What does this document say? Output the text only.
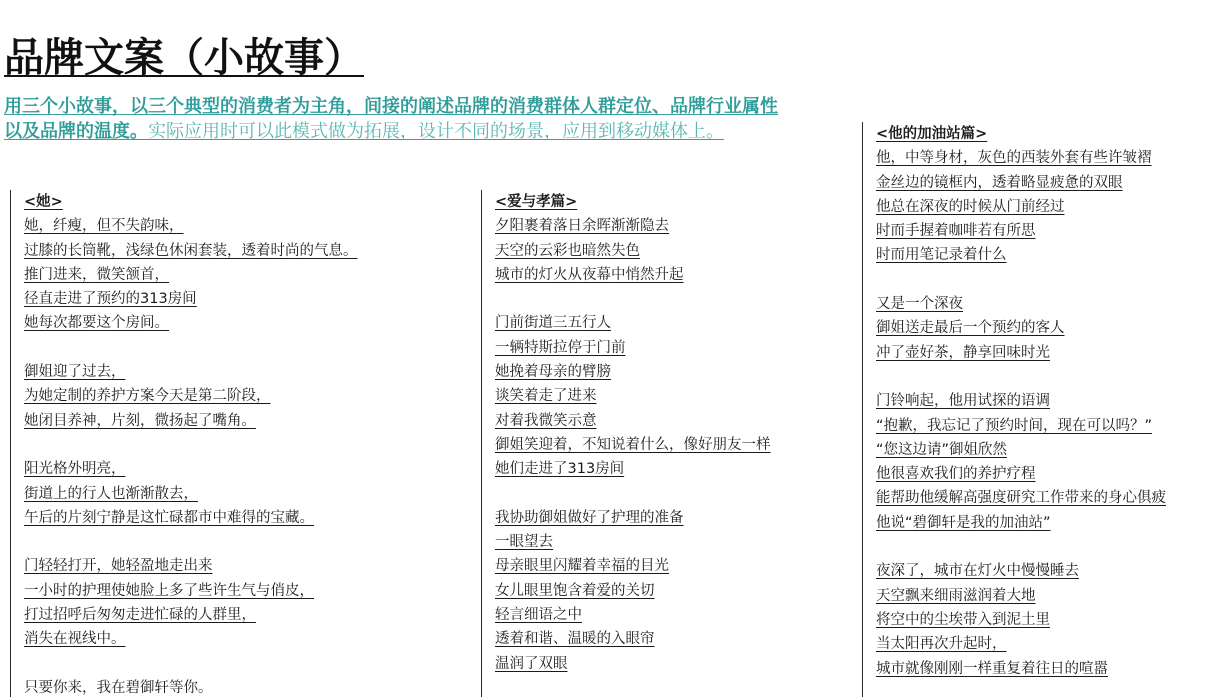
品牌文案（小故事）
用三个小故事，以三个典型的消费者为主角，间接的阐述品牌的消费群体人群定位、品牌行业属性以及品牌的温度。实际应用时可以此模式做为拓展，设计不同的场景，应用到移动媒体上。
<她>
她，纤瘦，但不失韵味，
过膝的长筒靴，浅绿色休闲套装，透着时尚的气息。
推门进来，微笑颔首，
径直走进了预约的313房间
她每次都要这个房间。
御姐迎了过去，
为她定制的养护方案今天是第二阶段，
她闭目养神，片刻，微扬起了嘴角。
阳光格外明亮，
街道上的行人也渐渐散去，
午后的片刻宁静是这忙碌都市中难得的宝藏。
门轻轻打开，她轻盈地走出来
一小时的护理使她脸上多了些许生气与俏皮，
打过招呼后匆匆走进忙碌的人群里，
消失在视线中。
只要你来，我在碧御轩等你。
<爱与孝篇>
夕阳裹着落日余晖渐渐隐去
天空的云彩也暗然失色
城市的灯火从夜幕中悄然升起
门前街道三五行人
一辆特斯拉停于门前
她挽着母亲的臂膀
谈笑着走了进来
对着我微笑示意
御姐笑迎着，不知说着什么，像好朋友一样
她们走进了313房间
我协助御姐做好了护理的准备
一眼望去
母亲眼里闪耀着幸福的目光
女儿眼里饱含着爱的关切
轻言细语之中
透着和谐、温暖的入眼帘
温润了双眼
<他的加油站篇>
他，中等身材，灰色的西装外套有些许皱褶
金丝边的镜框内，透着略显疲惫的双眼
他总在深夜的时候从门前经过
时而手握着咖啡若有所思
时而用笔记录着什么
又是一个深夜
御姐送走最后一个预约的客人
冲了壶好茶，静享回味时光
门铃响起，他用试探的语调
“抱歉，我忘记了预约时间，现在可以吗？”
“您这边请”御姐欣然
他很喜欢我们的养护疗程
能帮助他缓解高强度研究工作带来的身心俱疲
他说“碧御轩是我的加油站”
夜深了，城市在灯火中慢慢睡去
天空飘来细雨滋润着大地
将空中的尘埃带入到泥土里
当太阳再次升起时，
城市就像刚刚一样重复着往日的喧嚣
